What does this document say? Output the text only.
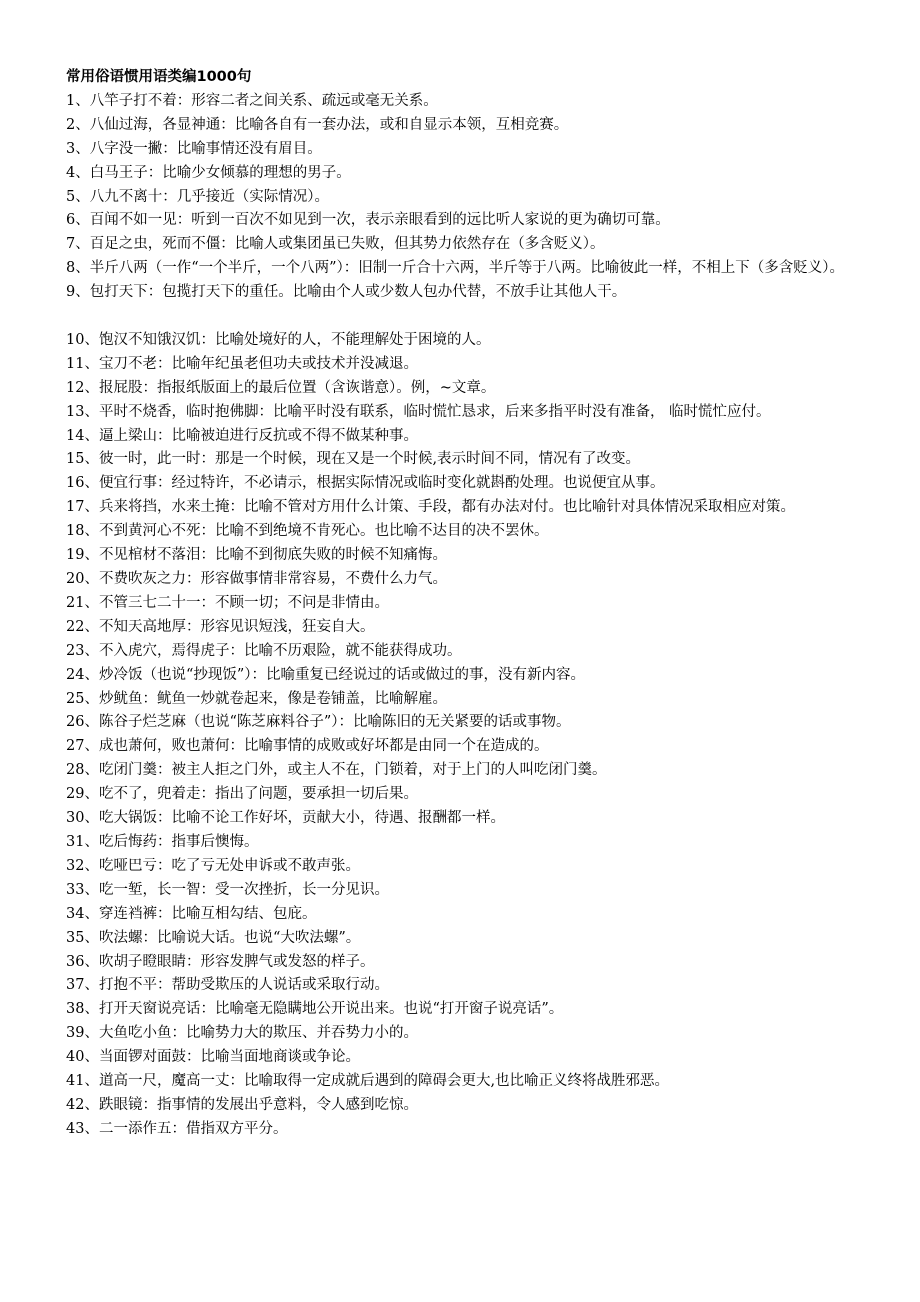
常用俗语惯用语类编1000句
1、八竿子打不着：形容二者之间关系、疏远或毫无关系。
2、八仙过海，各显神通：比喻各自有一套办法，或和自显示本领，互相竞赛。
3、八字没一撇：比喻事情还没有眉目。
4、白马王子：比喻少女倾慕的理想的男子。
5、八九不离十：几乎接近（实际情况）。
6、百闻不如一见：听到一百次不如见到一次，表示亲眼看到的远比听人家说的更为确切可靠。
7、百足之虫，死而不僵：比喻人或集团虽已失败，但其势力依然存在（多含贬义）。
8、半斤八两（一作“一个半斤，一个八两”）：旧制一斤合十六两，半斤等于八两。比喻彼此一样，不相上下（多含贬义）。
9、包打天下：包揽打天下的重任。比喻由个人或少数人包办代替，不放手让其他人干。
10、饱汉不知饿汉饥：比喻处境好的人，不能理解处于困境的人。
11、宝刀不老：比喻年纪虽老但功夫或技术并没减退。
12、报屁股：指报纸版面上的最后位置（含诙谐意）。例，~文章。
13、平时不烧香，临时抱佛脚：比喻平时没有联系，临时慌忙恳求，后来多指平时没有准备， 临时慌忙应付。
14、逼上梁山：比喻被迫进行反抗或不得不做某种事。
15、彼一时，此一时：那是一个时候，现在又是一个时候,表示时间不同，情况有了改变。
16、便宜行事：经过特许，不必请示，根据实际情况或临时变化就斟酌处理。也说便宜从事。
17、兵来将挡，水来土掩：比喻不管对方用什么计策、手段，都有办法对付。也比喻针对具体情况采取相应对策。
18、不到黄河心不死：比喻不到绝境不肯死心。也比喻不达目的决不罢休。
19、不见棺材不落泪：比喻不到彻底失败的时候不知痛悔。
20、不费吹灰之力：形容做事情非常容易，不费什么力气。
21、不管三七二十一：不顾一切；不问是非情由。
22、不知天高地厚：形容见识短浅，狂妄自大。
23、不入虎穴，焉得虎子：比喻不历艰险，就不能获得成功。
24、炒冷饭（也说“抄现饭”）：比喻重复已经说过的话或做过的事，没有新内容。
25、炒鱿鱼：鱿鱼一炒就卷起来，像是卷铺盖，比喻解雇。
26、陈谷子烂芝麻（也说“陈芝麻料谷子”）：比喻陈旧的无关紧要的话或事物。
27、成也萧何，败也萧何：比喻事情的成败或好坏都是由同一个在造成的。
28、吃闭门羹：被主人拒之门外，或主人不在，门锁着，对于上门的人叫吃闭门羹。
29、吃不了，兜着走：指出了问题，要承担一切后果。
30、吃大锅饭：比喻不论工作好坏，贡献大小，待遇、报酬都一样。
31、吃后悔药：指事后懊悔。
32、吃哑巴亏：吃了亏无处申诉或不敢声张。
33、吃一堑，长一智：受一次挫折，长一分见识。
34、穿连裆裤：比喻互相勾结、包庇。
35、吹法螺：比喻说大话。也说“大吹法螺”。
36、吹胡子瞪眼睛：形容发脾气或发怒的样子。
37、打抱不平：帮助受欺压的人说话或采取行动。
38、打开天窗说亮话：比喻毫无隐瞒地公开说出来。也说“打开窗子说亮话”。
39、大鱼吃小鱼：比喻势力大的欺压、并吞势力小的。
40、当面锣对面鼓：比喻当面地商谈或争论。
41、道高一尺，魔高一丈：比喻取得一定成就后遇到的障碍会更大,也比喻正义终将战胜邪恶。
42、跌眼镜：指事情的发展出乎意料，令人感到吃惊。
43、二一添作五：借指双方平分。
